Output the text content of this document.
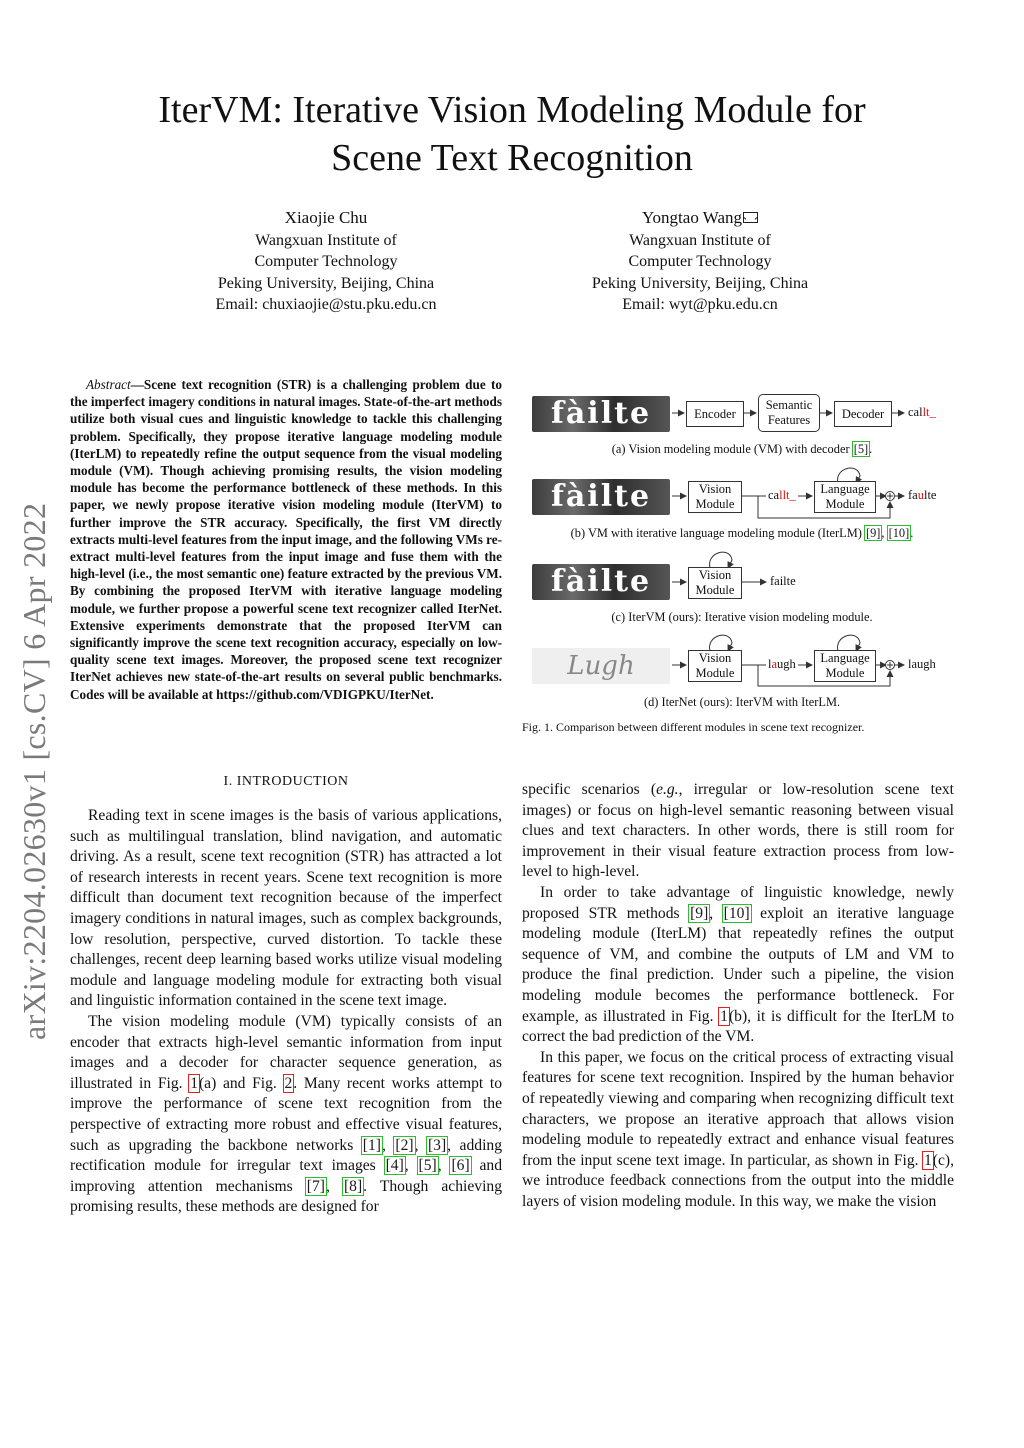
IterVM: Iterative Vision Modeling Module for
Scene Text Recognition
Xiaojie Chu
Wangxuan Institute of
Computer Technology
Peking University, Beijing, China
Email: chuxiaojie@stu.pku.edu.cn
Yongtao Wang
Wangxuan Institute of
Computer Technology
Peking University, Beijing, China
Email: wyt@pku.edu.cn
arXiv:2204.02630v1 [cs.CV] 6 Apr 2022
Abstract—Scene text recognition (STR) is a challenging problem due to the imperfect imagery conditions in natural images. State-of-the-art methods utilize both visual cues and linguistic knowledge to tackle this challenging problem. Specifically, they propose iterative language modeling module (IterLM) to repeatedly refine the output sequence from the visual modeling module (VM). Though achieving promising results, the vision modeling module has become the performance bottleneck of these methods. In this paper, we newly propose iterative vision modeling module (IterVM) to further improve the STR accuracy. Specifically, the first VM directly extracts multi-level features from the input image, and the following VMs re-extract multi-level features from the input image and fuse them with the high-level (i.e., the most semantic one) feature extracted by the previous VM. By combining the proposed IterVM with iterative language modeling module, we further propose a powerful scene text recognizer called IterNet. Extensive experiments demonstrate that the proposed IterVM can significantly improve the scene text recognition accuracy, especially on low-quality scene text images. Moreover, the proposed scene text recognizer IterNet achieves new state-of-the-art results on several public benchmarks. Codes will be available at https://github.com/VDIGPKU/IterNet.
I. INTRODUCTION

Reading text in scene images is the basis of various applications, such as multilingual translation, blind navigation, and automatic driving. As a result, scene text recognition (STR) has attracted a lot of research interests in recent years. Scene text recognition is more difficult than document text recognition because of the imperfect imagery conditions in natural images, such as complex backgrounds, low resolution, perspective, curved distortion. To tackle these challenges, recent deep learning based works utilize visual modeling module and language modeling module for extracting both visual and linguistic information contained in the scene text image.

The vision modeling module (VM) typically consists of an encoder that extracts high-level semantic information from input images and a decoder for character sequence generation, as illustrated in Fig. 1(a) and Fig. 2. Many recent works attempt to improve the performance of scene text recognition from the perspective of extracting more robust and effective visual features, such as upgrading the backbone networks [1], [2], [3], adding rectification module for irregular text images [4], [5], [6] and improving attention mechanisms [7], [8]. Though achieving promising results, these methods are designed for

specific scenarios (e.g., irregular or low-resolution scene text images) or focus on high-level semantic reasoning between visual clues and text characters. In other words, there is still room for improvement in their visual feature extraction process from low-level to high-level.

In order to take advantage of linguistic knowledge, newly proposed STR methods [9], [10] exploit an iterative language modeling module (IterLM) that repeatedly refines the output sequence of VM, and combine the outputs of LM and VM to produce the final prediction. Under such a pipeline, the vision modeling module becomes the performance bottleneck. For example, as illustrated in Fig. 1(b), it is difficult for the IterLM to correct the bad prediction of the VM.

In this paper, we focus on the critical process of extracting visual features for scene text recognition. Inspired by the human behavior of repeatedly viewing and comparing when recognizing difficult text characters, we propose an iterative approach that allows vision modeling module to repeatedly extract and enhance visual features from the input scene text image. In particular, as shown in Fig. 1(c), we introduce feedback connections from the output into the middle layers of vision modeling module. In this way, we make the vision

fàilte	Encoder
Semantic
Features	Decoder	callt_
(a) Vision modeling module (VM) with decoder [5].
fàilte	Vision
Module
callt_ Language
Module
faulte
(b) VM with iterative language modeling module (IterLM) [9], [10].
fàilte	Vision
Module
failte
(c) IterVM (ours): Iterative vision modeling module.
Lugh	Vision
Module
laugh Language
Module
laugh
(d) IterNet (ours): IterVM with IterLM.
Fig. 1. Comparison between different modules in scene text recognizer.
